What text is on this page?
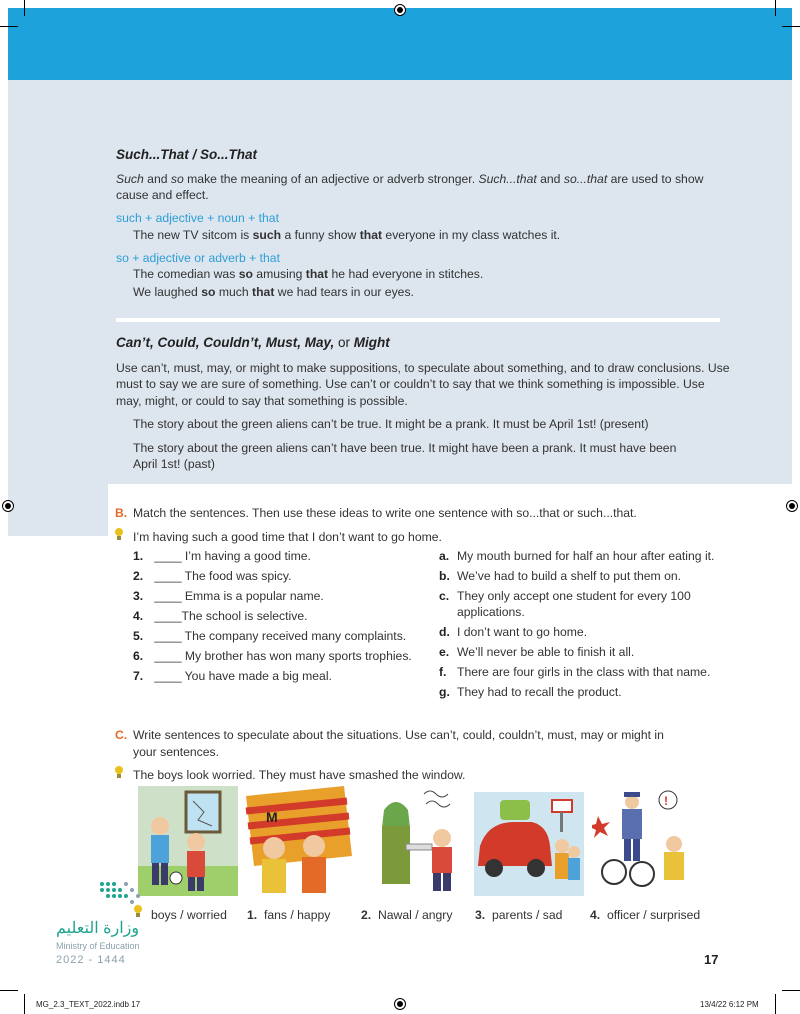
Such...That / So...That
Such and so make the meaning of an adjective or adverb stronger. Such...that and so...that are used to show
cause and effect.
such + adjective + noun + that
The new TV sitcom is such a funny show that everyone in my class watches it.
so + adjective or adverb + that
The comedian was so amusing that he had everyone in stitches.
We laughed so much that we had tears in our eyes.
Can’t, Could, Couldn’t, Must, May, or Might
Use can’t, must, may, or might to make suppositions, to speculate about something, and to draw conclusions. Use
must to say we are sure of something. Use can’t or couldn’t to say that we think something is impossible. Use
may, might, or could to say that something is possible.
The story about the green aliens can’t be true. It might be a prank. It must be April 1st! (present)
The story about the green aliens can’t have been true. It might have been a prank. It must have been
April 1st! (past)
B. Match the sentences. Then use these ideas to write one sentence with so...that or such...that.
I’m having such a good time that I don’t want to go home.
1. ____ I’m having a good time.
2. ____ The food was spicy.
3. ____ Emma is a popular name.
4. ____The school is selective.
5. ____ The company received many complaints.
6. ____ My brother has won many sports trophies.
7. ____ You have made a big meal.
a. My mouth burned for half an hour after eating it.
b. We’ve had to build a shelf to put them on.
c. They only accept one student for every 100
applications.
d. I don’t want to go home.
e. We’ll never be able to finish it all.
f. There are four girls in the class with that name.
g. They had to recall the product.
C. Write sentences to speculate about the situations. Use can’t, could, couldn’t, must, may or might in
your sentences.
The boys look worried. They must have smashed the window.
M
!
boys / worried 1. fans / happy	2. Nawal / angry 3. parents / sad 4. officer / surprised
وزارة التعليم
Ministry of Education
2022 - 1444	17
MG_2.3_TEXT_2022.indb 17	13/4/22 6:12 PM
